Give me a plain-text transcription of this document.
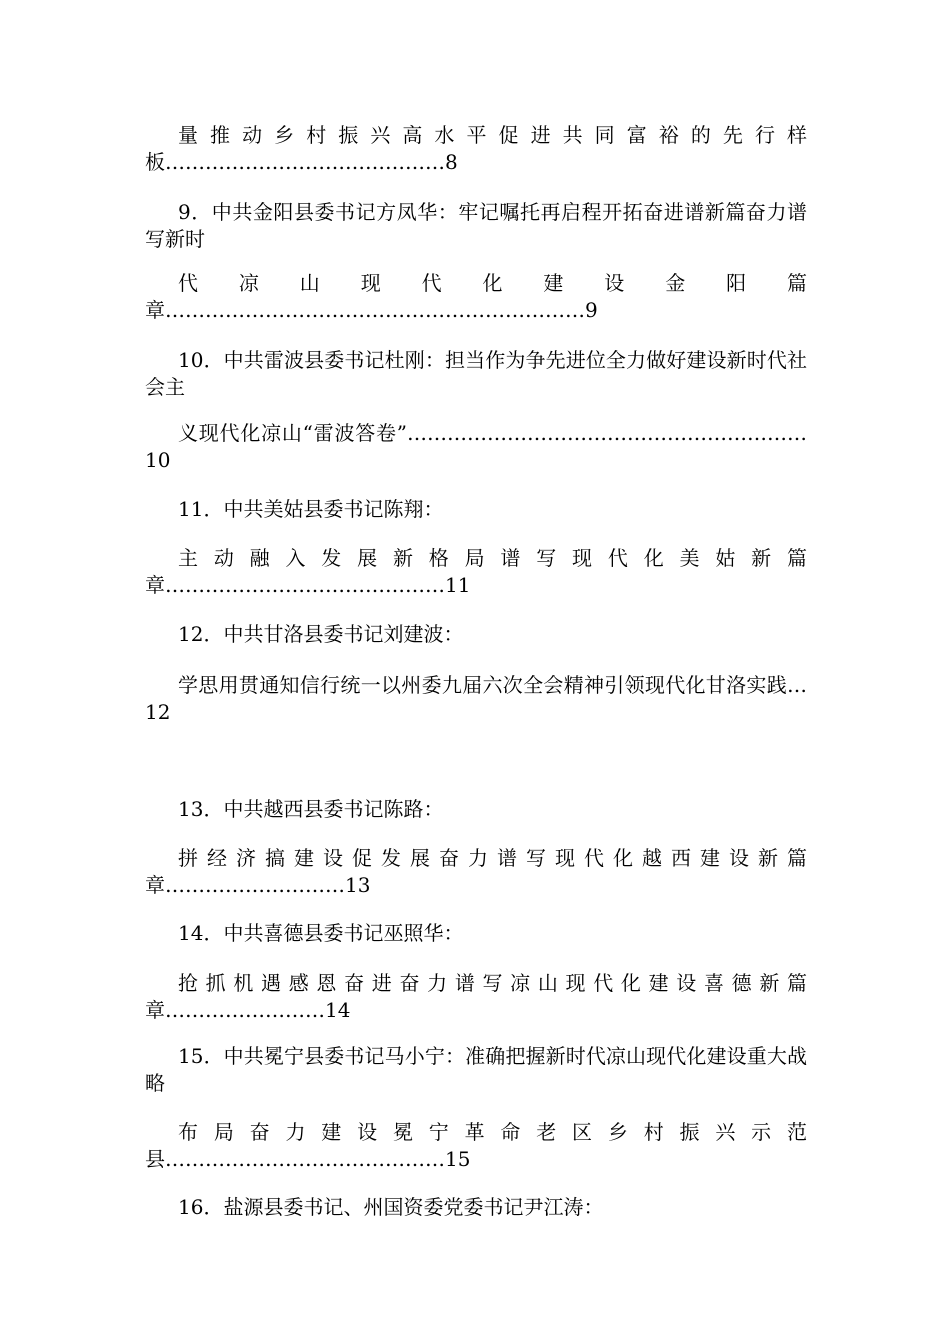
量推动乡村振兴高水平促进共同富裕的先行样板……………………………………8
9．中共金阳县委书记方凤华：牢记嘱托再启程开拓奋进谱新篇奋力谱写新时
代凉山现代化建设金阳篇章………………………………………………………9
10．中共雷波县委书记杜刚：担当作为争先进位全力做好建设新时代社会主
义现代化凉山“雷波答卷”……………………………………………………10
11．中共美姑县委书记陈翔：
主动融入发展新格局谱写现代化美姑新篇章……………………………………11
12．中共甘洛县委书记刘建波：
学思用贯通知信行统一以州委九届六次全会精神引领现代化甘洛实践…12
13．中共越西县委书记陈路：
拼经济搞建设促发展奋力谱写现代化越西建设新篇章………………………13
14．中共喜德县委书记巫照华：
抢抓机遇感恩奋进奋力谱写凉山现代化建设喜德新篇章……………………14
15．中共冕宁县委书记马小宁：准确把握新时代凉山现代化建设重大战略
布局奋力建设冕宁革命老区乡村振兴示范县……………………………………15
16．盐源县委书记、州国资委党委书记尹江涛：
